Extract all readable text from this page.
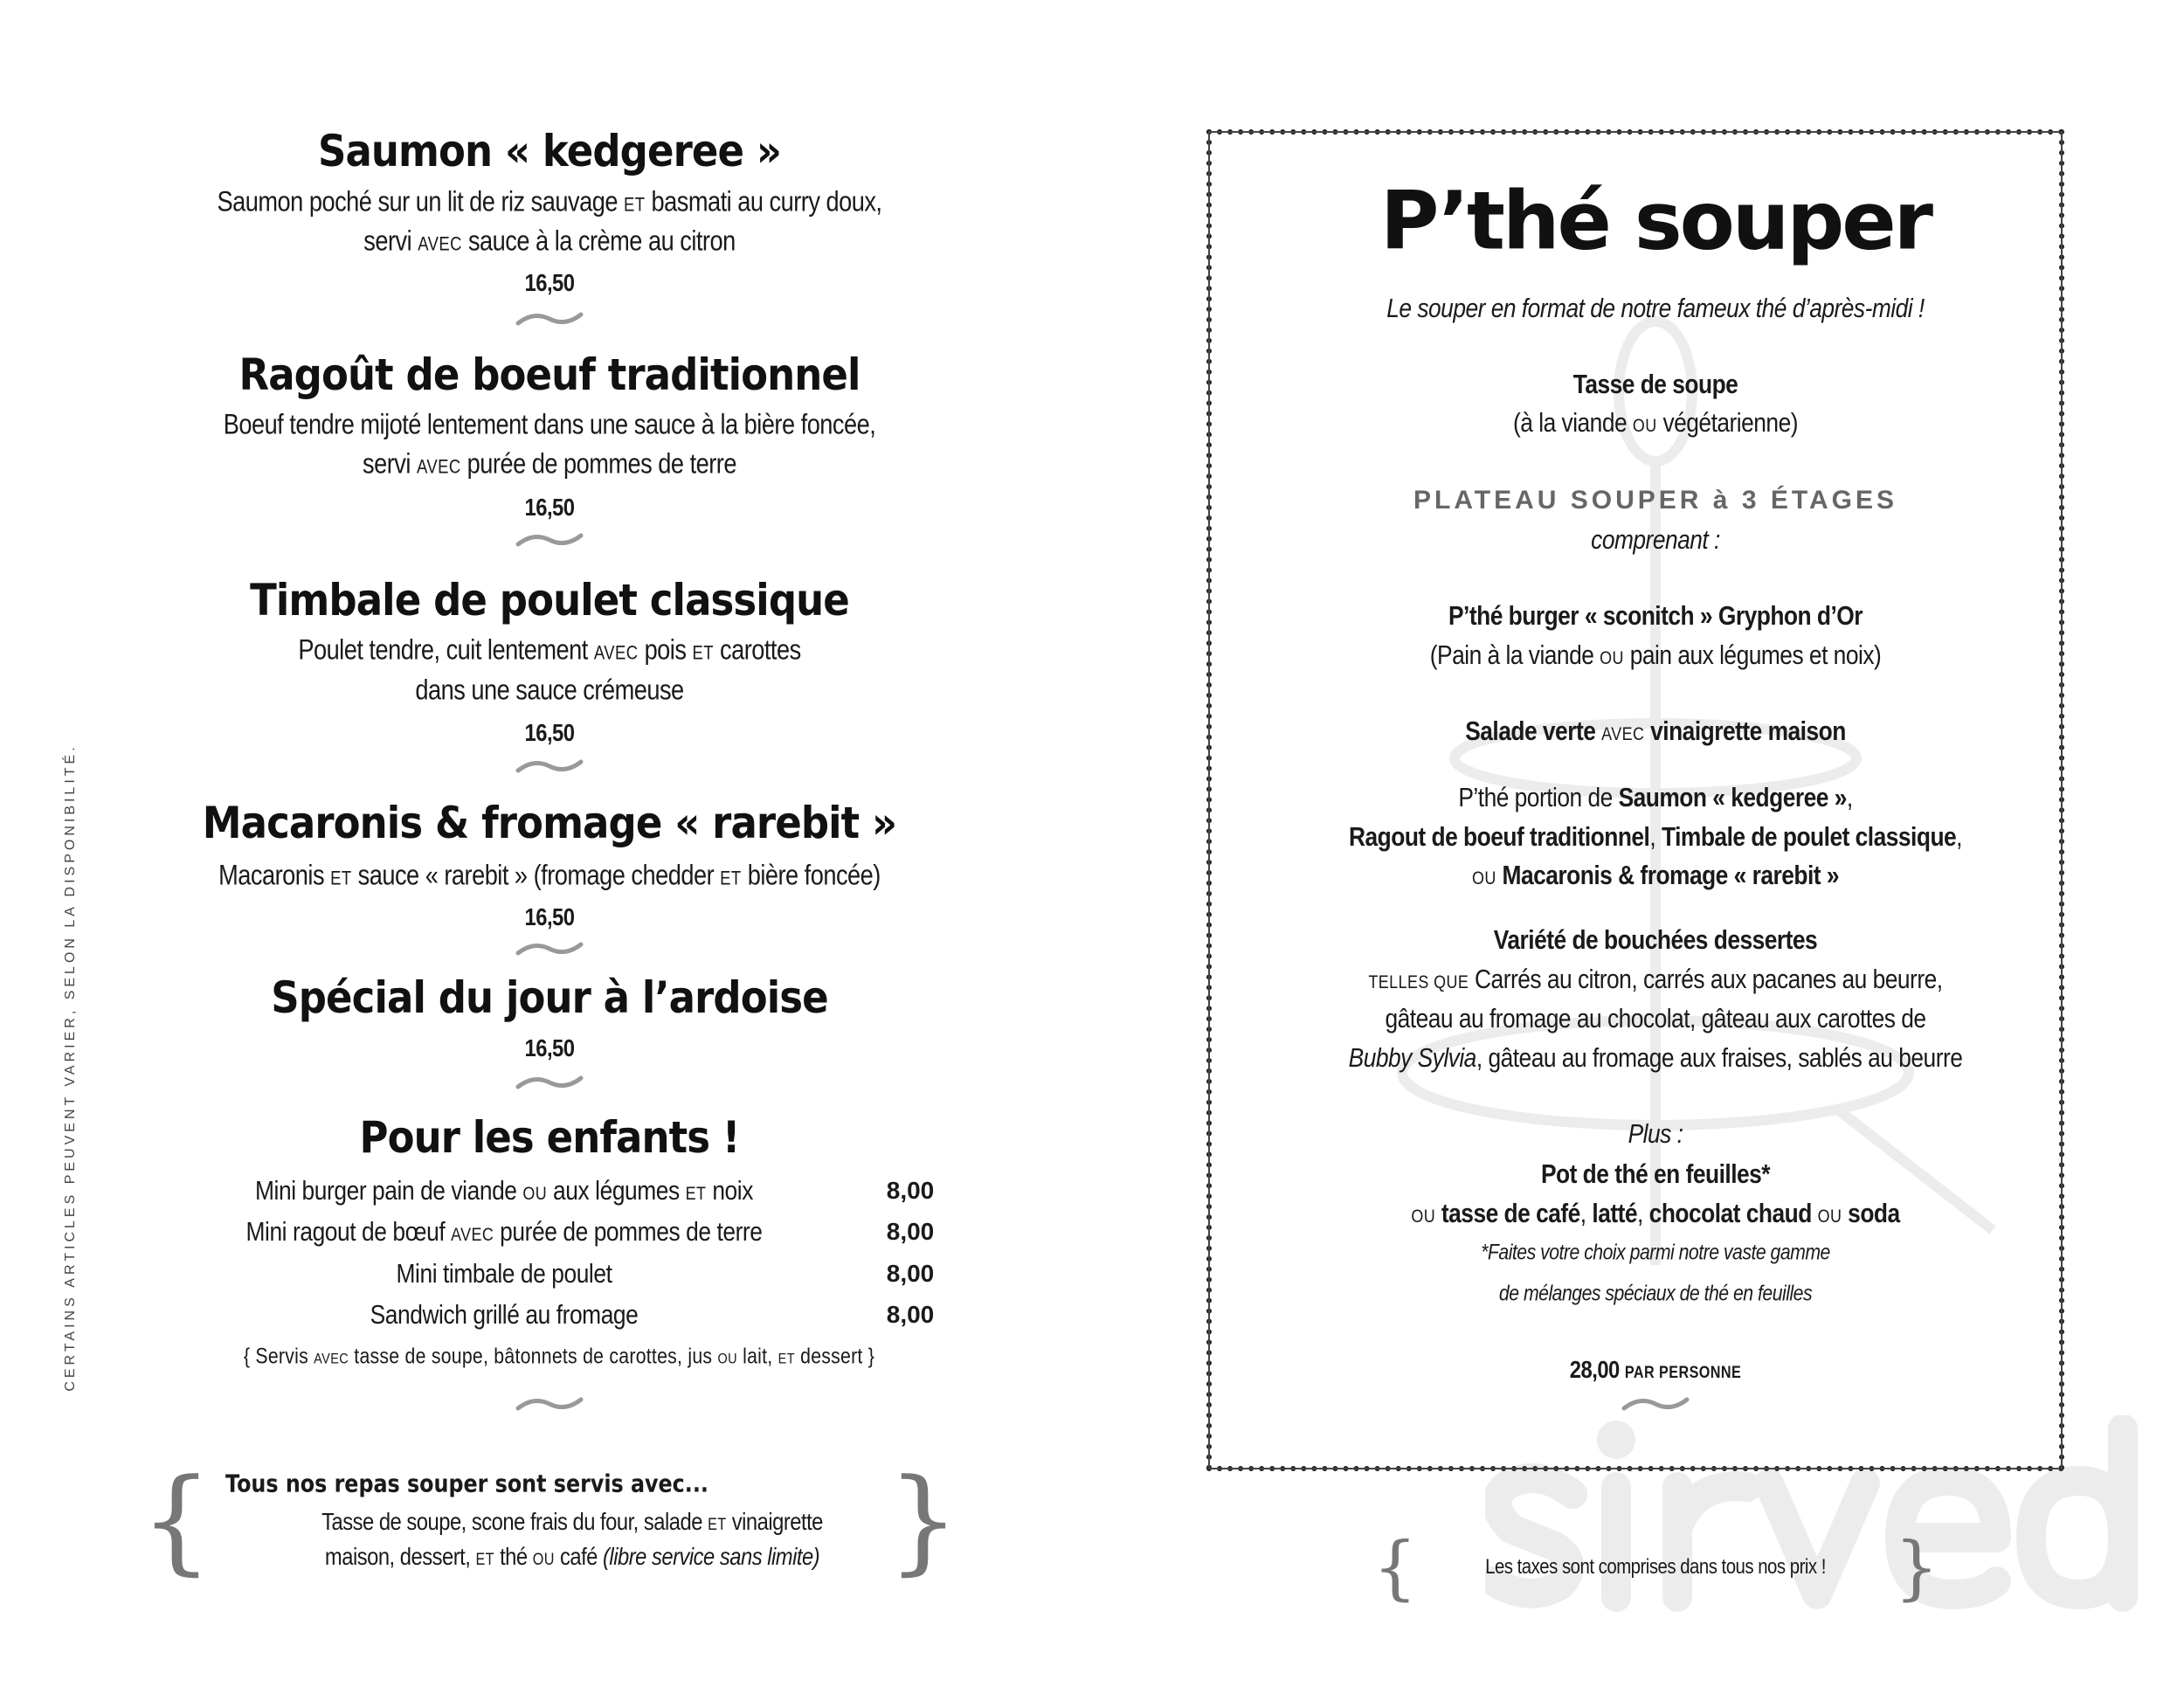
CERTAINS ARTICLES PEUVENT VARIER, SELON LA DISPONIBILITÉ.
Saumon « kedgeree »
Saumon poché sur un lit de riz sauvage ET basmati au curry doux,
servi AVEC sauce à la crème au citron
16,50
Ragoût de boeuf traditionnel
Boeuf tendre mijoté lentement dans une sauce à la bière foncée,
servi AVEC purée de pommes de terre
16,50
Timbale de poulet classique
Poulet tendre, cuit lentement AVEC pois ET carottes
dans une sauce crémeuse
16,50
Macaronis & fromage « rarebit »
Macaronis ET sauce « rarebit » (fromage chedder ET bière foncée)
16,50
Spécial du jour à l’ardoise
16,50
Pour les enfants !
{ Servis AVEC tasse de soupe, bâtonnets de carottes, jus OU lait, ET dessert }
Mini burger pain de viande OU aux légumes ET noix	8,00
Mini ragout de bœuf AVEC purée de pommes de terre	8,00
Mini timbale de poulet	8,00
Sandwich grillé au fromage	8,00
{	}
Tous nos repas souper sont servis avec...
Tasse de soupe, scone frais du four, salade ET vinaigrette
maison, dessert, ET thé OU café (libre service sans limite)
P’thé souper
Le souper en format de notre fameux thé d’après-midi !
Tasse de soupe
(à la viande OU végétarienne)
PLATEAU SOUPER à 3 ÉTAGES
comprenant :
P’thé burger « sconitch » Gryphon d’Or
(Pain à la viande OU pain aux légumes et noix)
Salade verte AVEC vinaigrette maison
P’thé portion de Saumon « kedgeree »,
Ragout de boeuf traditionnel, Timbale de poulet classique,
OU Macaronis & fromage « rarebit »
Variété de bouchées dessertes
TELLES QUE Carrés au citron, carrés aux pacanes au beurre,
gâteau au fromage au chocolat, gâteau aux carottes de
Bubby Sylvia, gâteau au fromage aux fraises, sablés au beurre
Plus :
Pot de thé en feuilles*
OU tasse de café, latté, chocolat chaud OU soda
*Faites votre choix parmi notre vaste gamme
de mélanges spéciaux de thé en feuilles
28,00 PAR PERSONNE
{	}
Les taxes sont comprises dans tous nos prix !
